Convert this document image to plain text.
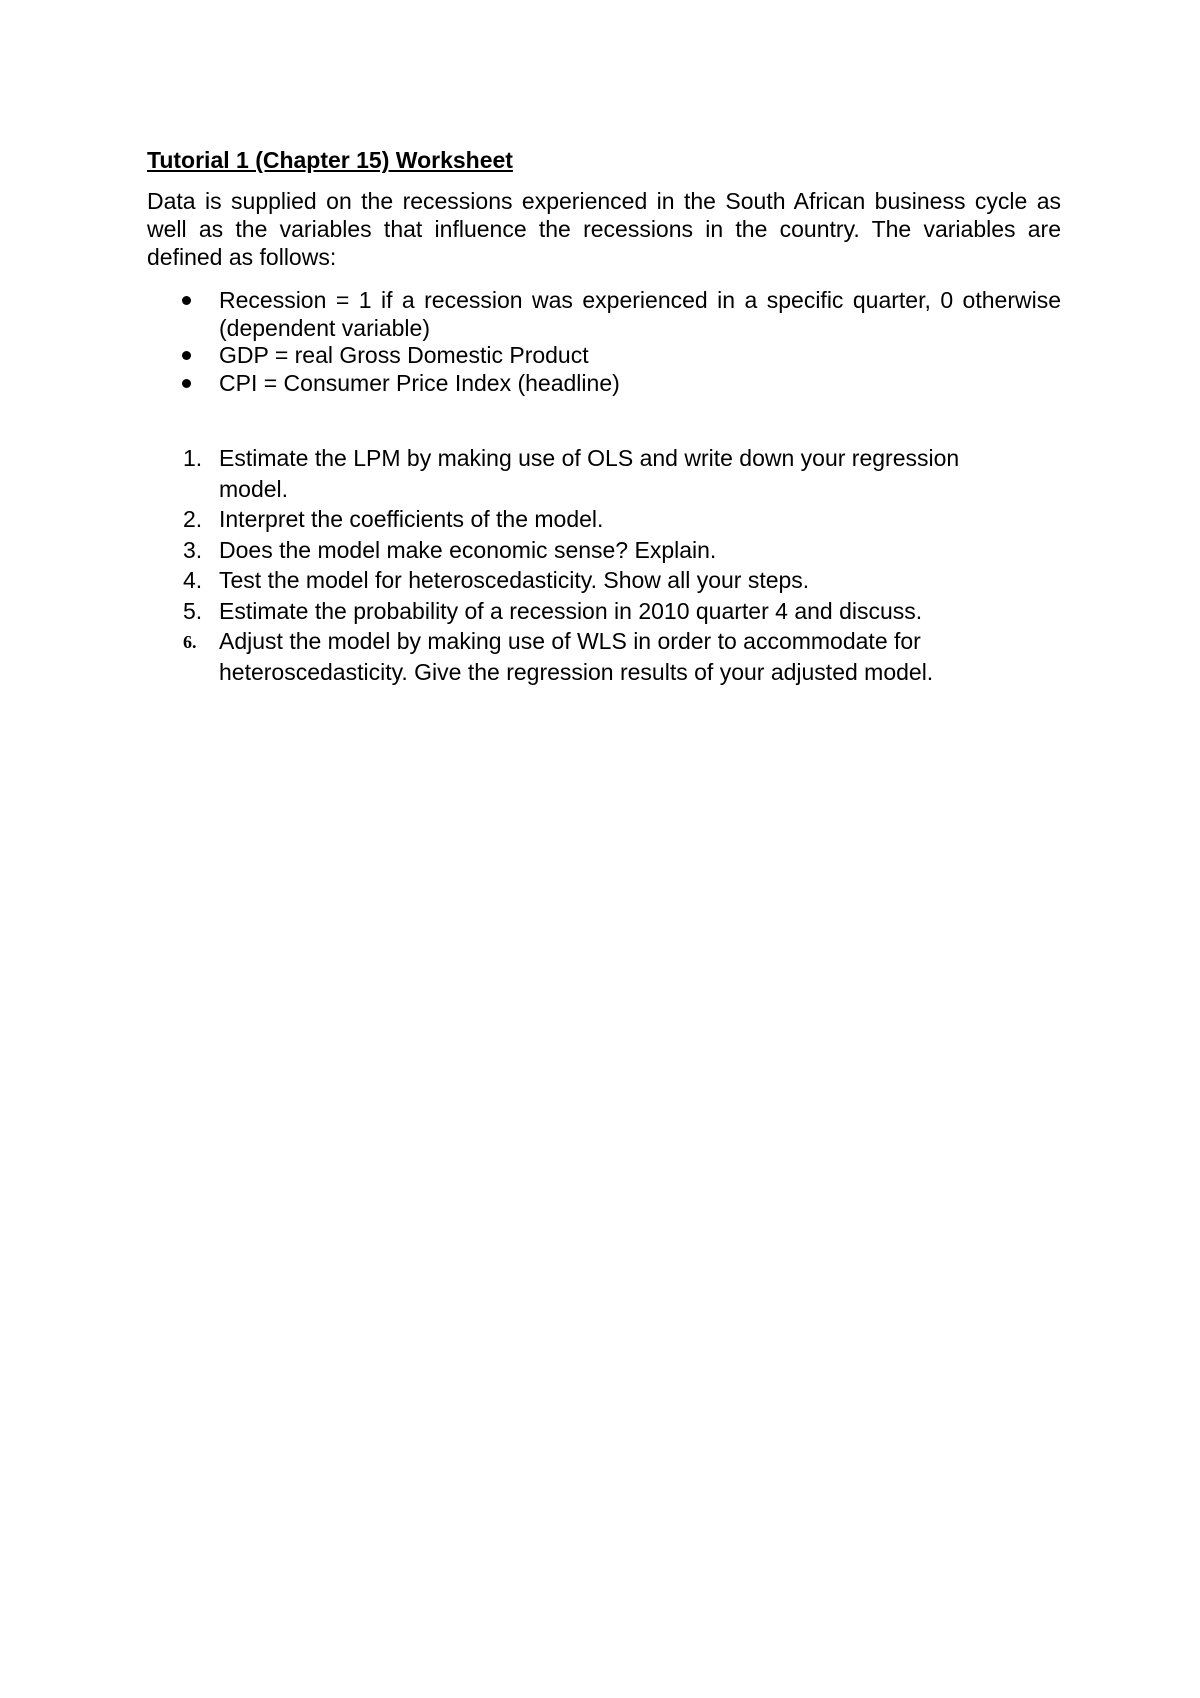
Tutorial 1 (Chapter 15) Worksheet

Data is supplied on the recessions experienced in the South African business cycle as well as the variables that influence the recessions in the country. The variables are defined as follows:

Recession = 1 if a recession was experienced in a specific quarter, 0 otherwise (dependent variable)
GDP = real Gross Domestic Product
CPI = Consumer Price Index (headline)
1. Estimate the LPM by making use of OLS and write down your regression model.
2. Interpret the coefficients of the model.
3. Does the model make economic sense? Explain.
4. Test the model for heteroscedasticity. Show all your steps.
5. Estimate the probability of a recession in 2010 quarter 4 and discuss.
6. Adjust the model by making use of WLS in order to accommodate for heteroscedasticity. Give the regression results of your adjusted model.
